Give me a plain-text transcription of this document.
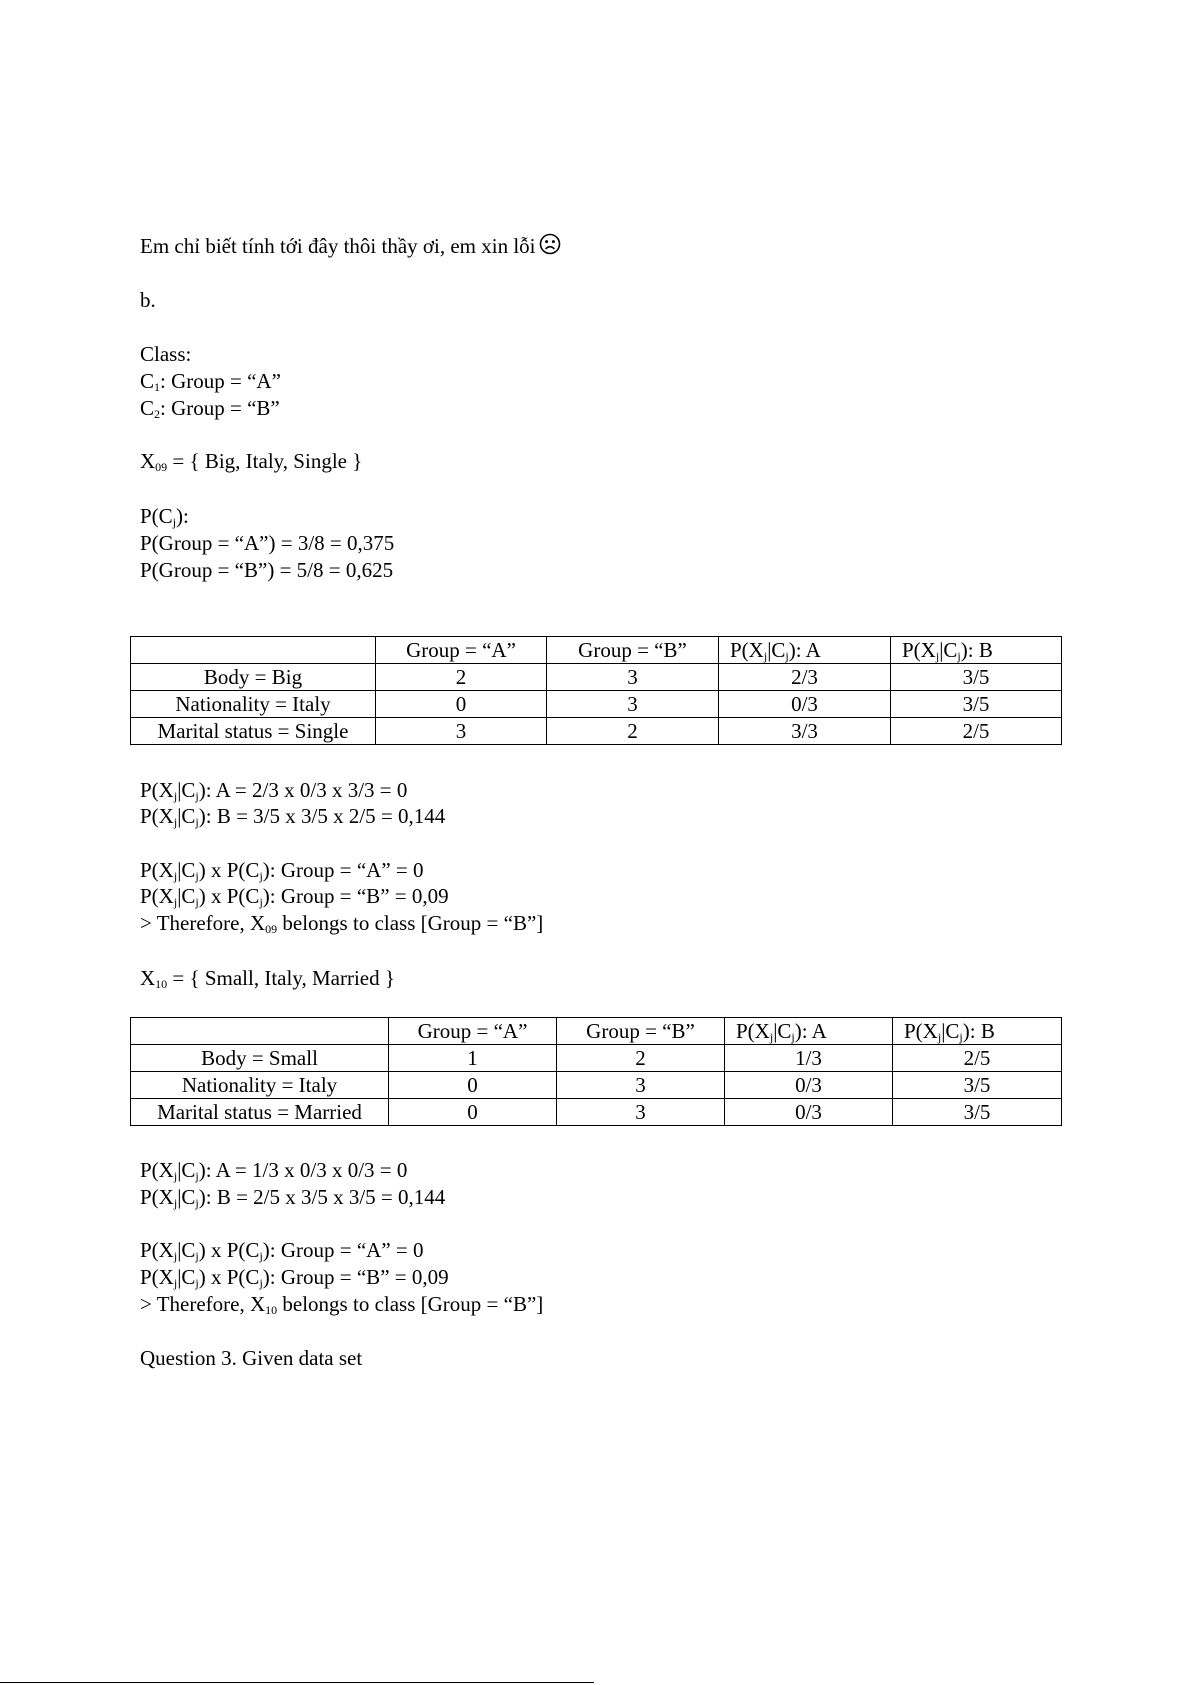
Em chỉ biết tính tới đây thôi thầy ơi, em xin lỗi
b.
Class:
$C_1$: Group = “A”
$C_2$: Group = “B”
$X_{09}$ = { Big, Italy, Single }
$P(C_j)$:
P(Group = “A”) = 3/8 = 0,375
P(Group = “B”) = 5/8 = 0,625
	Group = “A”	Group = “B”	$P(X_j|C_j)$: A	$P(X_j|C_j)$: B
Body = Big	2	3	2/3	3/5
Nationality = Italy	0	3	0/3	3/5
Marital status = Single	3	2	3/3	2/5
$P(X_j|C_j)$: A = 2/3 x 0/3 x 3/3 = 0
$P(X_j|C_j)$: B = 3/5 x 3/5 x 2/5 = 0,144
$P(X_j|C_j)$ x $P(C_j)$: Group = “A” = 0
$P(X_j|C_j)$ x $P(C_j)$: Group = “B” = 0,09
> Therefore, $X_{09}$ belongs to class [Group = “B”]
$X_{10}$ = { Small, Italy, Married }
	Group = “A”	Group = “B”	$P(X_j|C_j)$: A	$P(X_j|C_j)$: B
Body = Small	1	2	1/3	2/5
Nationality = Italy	0	3	0/3	3/5
Marital status = Married	0	3	0/3	3/5
$P(X_j|C_j)$: A = 1/3 x 0/3 x 0/3 = 0
$P(X_j|C_j)$: B = 2/5 x 3/5 x 3/5 = 0,144
$P(X_j|C_j)$ x $P(C_j)$: Group = “A” = 0
$P(X_j|C_j)$ x $P(C_j)$: Group = “B” = 0,09
> Therefore, $X_{10}$ belongs to class [Group = “B”]
Question 3. Given data set
